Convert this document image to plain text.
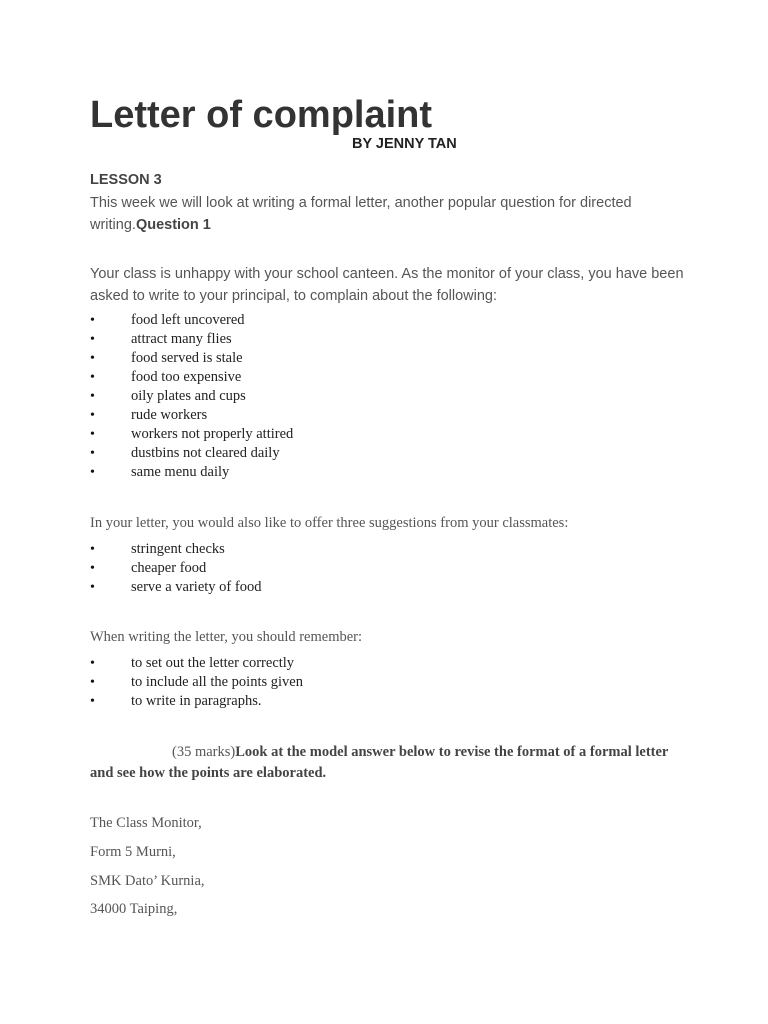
Letter of complaint
BY JENNY TAN
LESSON 3
This week we will look at writing a formal letter, another popular question for directed writing.Question 1
Your class is unhappy with your school canteen. As the monitor of your class, you have been asked to write to your principal, to complain about the following:
• food left uncovered
• attract many flies
• food served is stale
• food too expensive
• oily plates and cups
• rude workers
• workers not properly attired
• dustbins not cleared daily
• same menu daily
In your letter, you would also like to offer three suggestions from your classmates:
• stringent checks
• cheaper food
• serve a variety of food
When writing the letter, you should remember:
• to set out the letter correctly
• to include all the points given
• to write in paragraphs.
(35 marks)Look at the model answer below to revise the format of a formal letter and see how the points are elaborated.
The Class Monitor,
Form 5 Murni,
SMK Dato’ Kurnia,
34000 Taiping,
